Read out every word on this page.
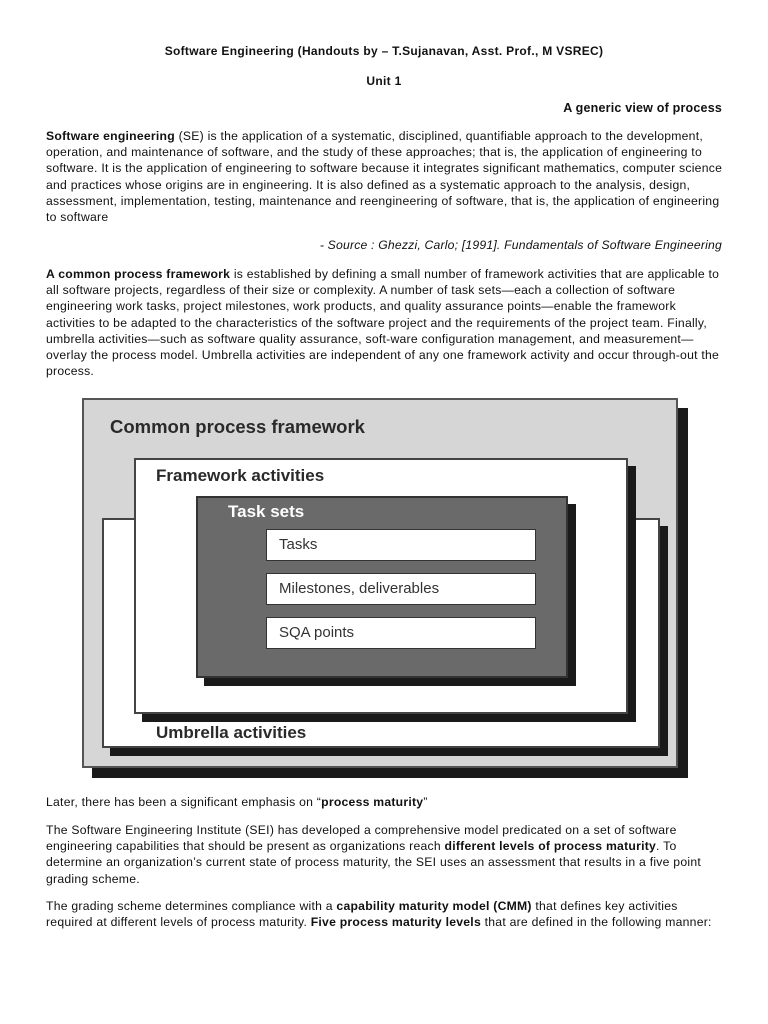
Software Engineering (Handouts by – T.Sujanavan, Asst. Prof., M VSREC)
Unit 1
A generic view of process
Software engineering (SE) is the application of a systematic, disciplined, quantifiable approach to the development, operation, and maintenance of software, and the study of these approaches; that is, the application of engineering to software. It is the application of engineering to software because it integrates significant mathematics, computer science and practices whose origins are in engineering. It is also defined as a systematic approach to the analysis, design, assessment, implementation, testing, maintenance and reengineering of software, that is, the application of engineering to software
- Source : Ghezzi, Carlo; [1991]. Fundamentals of Software Engineering
A common process framework is established by defining a small number of framework activities that are applicable to all software projects, regardless of their size or complexity. A number of task sets—each a collection of software engineering work tasks, project milestones, work products, and quality assurance points—enable the framework activities to be adapted to the characteristics of the software project and the requirements of the project team. Finally, umbrella activities—such as software quality assurance, soft-ware configuration management, and measurement—overlay the process model. Umbrella activities are independent of any one framework activity and occur through-out the process.
Common process framework
Framework activities
Task sets
Tasks
Milestones, deliverables
SQA points
Umbrella activities
Later, there has been a significant emphasis on “process maturity”
The Software Engineering Institute (SEI) has developed a comprehensive model predicated on a set of software engineering capabilities that should be present as organizations reach different levels of process maturity. To determine an organization’s current state of process maturity, the SEI uses an assessment that results in a five point grading scheme.
The grading scheme determines compliance with a capability maturity model (CMM) that defines key activities required at different levels of process maturity. Five process maturity levels that are defined in the following manner:
